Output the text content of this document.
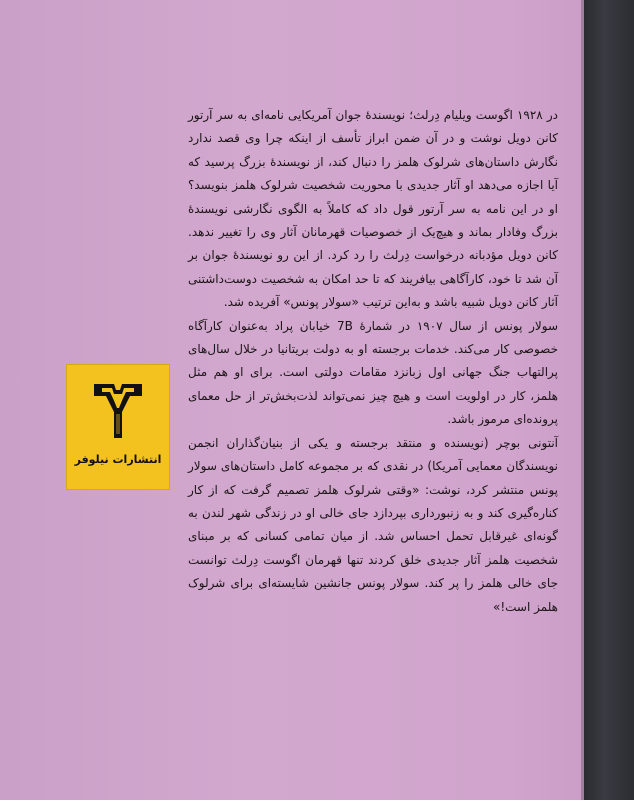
انتشارات نیلوفر

در ۱۹۲۸ اگوست ویلیام دِرلث؛ نویسندهٔ جوان آمریکایی نامه‌ای به سر آرتور کانن دویل نوشت و در آن ضمن ابراز تأسف از اینکه چرا وی قصد ندارد نگارش داستان‌های شرلوک هلمز را دنبال کند، از نویسندهٔ بزرگ پرسید که آیا اجازه می‌دهد او آثار جدیدی با محوریت شخصیت شرلوک هلمز بنویسد؟ او در این نامه به سر آرتور قول داد که کاملاً به الگوی نگارشی نویسندهٔ بزرگ وفادار بماند و هیچ‌یک از خصوصیات قهرمانان آثار وی را تغییر ندهد. کانن دویل مؤدبانه درخواست دِرلث را رد کرد. از این رو نویسندهٔ جوان بر آن شد تا خود، کارآگاهی بیافریند که تا حد امکان به شخصیت دوست‌داشتنی آثار کانن دویل شبیه باشد و به‌این ترتیب «سولار پونس» آفریده شد.

سولار پونس از سال ۱۹۰۷ در شمارهٔ 7B خیابان پراد به‌عنوان کارآگاه خصوصی کار می‌کند. خدمات برجسته او به دولت بریتانیا در خلال سال‌های پرالتهاب جنگ جهانی اول زبانزد مقامات دولتی است. برای او هم مثل هلمز، کار در اولویت است و هیچ چیز نمی‌تواند لذت‌بخش‌تر از حل معمای پرونده‌ای مرموز باشد.

آنتونی بوچر (نویسنده و منتقد برجسته و یکی از بنیان‌گذاران انجمن نویسندگان معمایی آمریکا) در نقدی که بر مجموعه کامل داستان‌های سولار پونس منتشر کرد، نوشت: «وقتی شرلوک هلمز تصمیم گرفت که از کار کناره‌گیری کند و به زنبورداری بپردازد جای خالی او در زندگی شهر لندن به گونه‌ای غیرقابل تحمل احساس شد. از میان تمامی کسانی که بر مبنای شخصیت هلمز آثار جدیدی خلق کردند تنها قهرمان اگوست دِرلث توانست جای خالی هلمز را پر کند. سولار پونس جانشین شایسته‌ای برای شرلوک هلمز است!»
